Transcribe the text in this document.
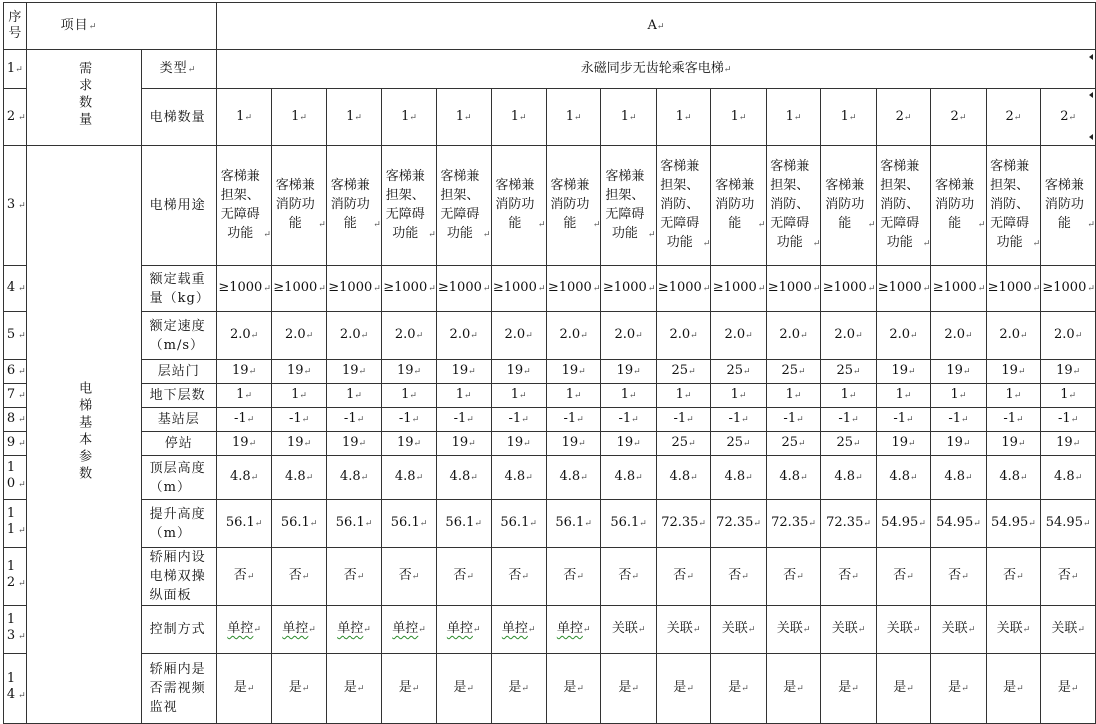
序号	项目↵		A↵															
1↵	需求数量	类型↵	永磁同步无齿轮乘客电梯↵															
2 ↵		电梯数量	1↵	1↵	1↵	1↵	1↵	1↵	1↵	1↵	1↵	1↵	1↵	1↵	2↵	2↵	2↵	2↵
3 ↵	电梯基本参数	电梯用途	客梯兼担架、无障碍功能 ↵	客梯兼消防功能 ↵	客梯兼消防功能 ↵	客梯兼担架、无障碍功能 ↵	客梯兼担架、无障碍功能 ↵	客梯兼消防功能 ↵	客梯兼消防功能 ↵	客梯兼担架、无障碍功能 ↵	客梯兼担架、消防、无障碍功能 ↵	客梯兼消防功能 ↵	客梯兼担架、消防、无障碍功能 ↵	客梯兼消防功能 ↵	客梯兼担架、消防、无障碍功能 ↵	客梯兼消防功能 ↵	客梯兼担架、消防、无障碍功能 ↵	客梯兼消防功能 ↵
4 ↵		额定载重量（kg）	≥1000↵	≥1000↵	≥1000↵	≥1000↵	≥1000↵	≥1000↵	≥1000↵	≥1000↵	≥1000↵	≥1000↵	≥1000↵	≥1000↵	≥1000↵	≥1000↵	≥1000↵	≥1000↵
5 ↵		额定速度（m/s）	2.0↵	2.0↵	2.0↵	2.0↵	2.0↵	2.0↵	2.0↵	2.0↵	2.0↵	2.0↵	2.0↵	2.0↵	2.0↵	2.0↵	2.0↵	2.0↵
6 ↵		层站门	19↵	19↵	19↵	19↵	19↵	19↵	19↵	19↵	25↵	25↵	25↵	25↵	19↵	19↵	19↵	19↵
7 ↵		地下层数	1↵	1↵	1↵	1↵	1↵	1↵	1↵	1↵	1↵	1↵	1↵	1↵	1↵	1↵	1↵	1↵
8 ↵		基站层	-1↵	-1↵	-1↵	-1↵	-1↵	-1↵	-1↵	-1↵	-1↵	-1↵	-1↵	-1↵	-1↵	-1↵	-1↵	-1↵
9 ↵		停站	19↵	19↵	19↵	19↵	19↵	19↵	19↵	19↵	25↵	25↵	25↵	25↵	19↵	19↵	19↵	19↵
10 ↵		顶层高度（m）	4.8↵	4.8↵	4.8↵	4.8↵	4.8↵	4.8↵	4.8↵	4.8↵	4.8↵	4.8↵	4.8↵	4.8↵	4.8↵	4.8↵	4.8↵	4.8↵
11 ↵		提升高度（m）	56.1↵	56.1↵	56.1↵	56.1↵	56.1↵	56.1↵	56.1↵	56.1↵	72.35↵	72.35↵	72.35↵	72.35↵	54.95↵	54.95↵	54.95↵	54.95↵
12 ↵		轿厢内设电梯双操纵面板	否↵	否↵	否↵	否↵	否↵	否↵	否↵	否↵	否↵	否↵	否↵	否↵	否↵	否↵	否↵	否↵
13 ↵		控制方式	单控↵	单控↵	单控↵	单控↵	单控↵	单控↵	单控↵	关联↵	关联↵	关联↵	关联↵	关联↵	关联↵	关联↵	关联↵	关联↵
14 ↵		轿厢内是否需视频监视	是↵	是↵	是↵	是↵	是↵	是↵	是↵	是↵	是↵	是↵	是↵	是↵	是↵	是↵	是↵	是↵
